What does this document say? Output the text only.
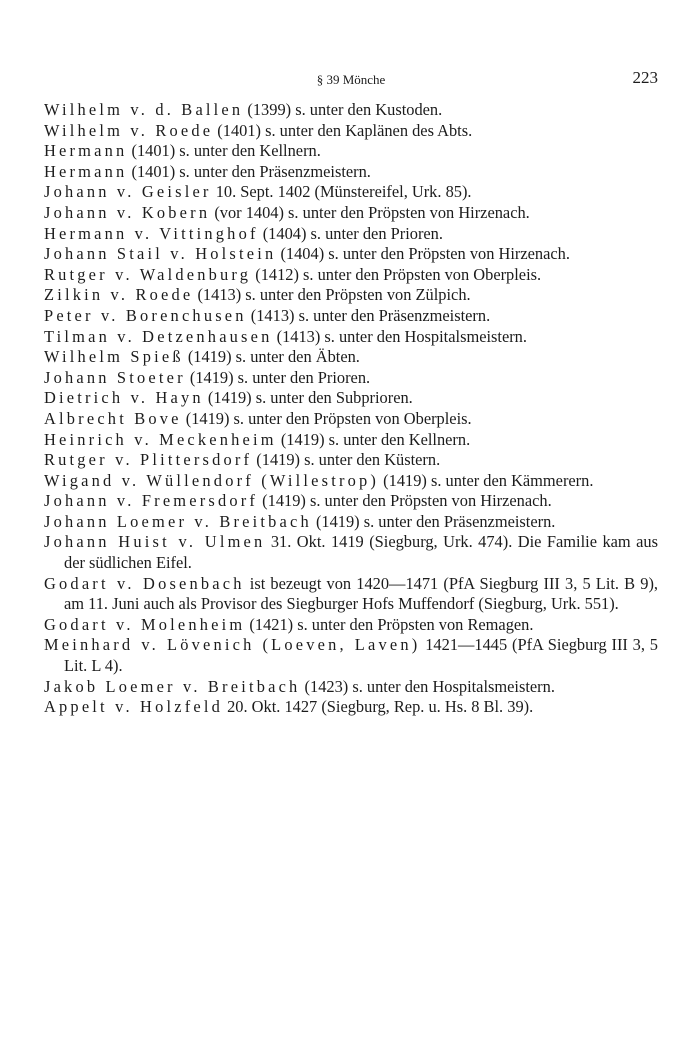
§ 39 Mönche	223
Wilhelm v. d. Ballen (1399) s. unter den Kustoden.
Wilhelm v. Roede (1401) s. unter den Kaplänen des Abts.
Hermann (1401) s. unter den Kellnern.
Hermann (1401) s. unter den Präsenzmeistern.
Johann v. Geisler 10. Sept. 1402 (Münstereifel, Urk. 85).
Johann v. Kobern (vor 1404) s. unter den Pröpsten von Hirzenach.
Hermann v. Vittinghof (1404) s. unter den Prioren.
Johann Stail v. Holstein (1404) s. unter den Pröpsten von Hirzenach.
Rutger v. Waldenburg (1412) s. unter den Pröpsten von Oberpleis.
Zilkin v. Roede (1413) s. unter den Pröpsten von Zülpich.
Peter v. Borenchusen (1413) s. unter den Präsenzmeistern.
Tilman v. Detzenhausen (1413) s. unter den Hospitalsmeistern.
Wilhelm Spieß (1419) s. unter den Äbten.
Johann Stoeter (1419) s. unter den Prioren.
Dietrich v. Hayn (1419) s. unter den Subprioren.
Albrecht Bove (1419) s. unter den Pröpsten von Oberpleis.
Heinrich v. Meckenheim (1419) s. unter den Kellnern.
Rutger v. Plittersdorf (1419) s. unter den Küstern.
Wigand v. Wüllendorf (Willestrop) (1419) s. unter den Kämmerern.
Johann v. Fremersdorf (1419) s. unter den Pröpsten von Hirzenach.
Johann Loemer v. Breitbach (1419) s. unter den Präsenzmeistern.
Johann Huist v. Ulmen 31. Okt. 1419 (Siegburg, Urk. 474). Die Familie kam aus der südlichen Eifel.
Godart v. Dosenbach ist bezeugt von 1420—1471 (PfA Siegburg III 3, 5 Lit. B 9), am 11. Juni auch als Provisor des Siegburger Hofs Muffendorf (Siegburg, Urk. 551).
Godart v. Molenheim (1421) s. unter den Pröpsten von Remagen.
Meinhard v. Lövenich (Loeven, Laven) 1421—1445 (PfA Siegburg III 3, 5 Lit. L 4).
Jakob Loemer v. Breitbach (1423) s. unter den Hospitalsmeistern.
Appelt v. Holzfeld 20. Okt. 1427 (Siegburg, Rep. u. Hs. 8 Bl. 39).
